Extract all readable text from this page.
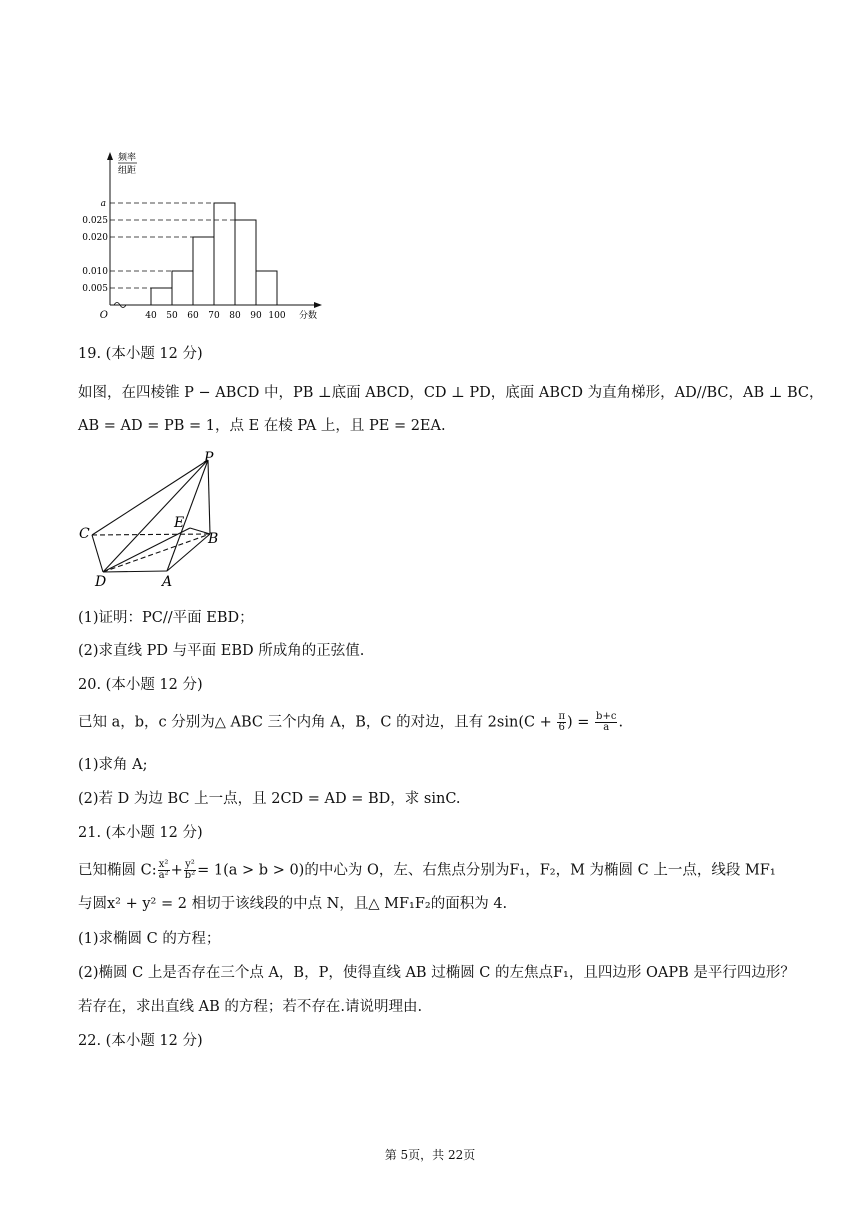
频率
组距
O
a
0.025
0.020
0.010
0.005
40 50 60 70 80 90 100 分数
19. (本小题 12 分)
如图，在四棱锥 P − ABCD 中，PB ⊥底面 ABCD，CD ⊥ PD，底面 ABCD 为直角梯形，AD//BC，AB ⊥ BC，
AB = AD = PB = 1，点 E 在棱 PA 上，且 PE = 2EA.
P
C
E
B
D	A
(1)证明：PC//平面 EBD；
(2)求直线 PD 与平面 EBD 所成角的正弦值.
20. (本小题 12 分)
已知 a，b，c 分别为△ ABC 三个内角 A，B，C 的对边，且有 $2\sin(C + \frac{\pi}{6}$ ) = $\frac{b+c}{a}$ .
(1)求角 A;
(2)若 D 为边 BC 上一点，且 2CD = AD = BD，求 sinC.
21. (本小题 12 分)
已知椭圆 C: $\frac{\text{x²}}{\text{a²}} + \frac{\text{y²}}{\text{b²}} = 1(a > b > 0)$的中心为 O，左、右焦点分别为F₁，F₂，M 为椭圆 C 上一点，线段 MF₁
与圆x² + y² = 2 相切于该线段的中点 N，且△ MF₁F₂的面积为 4.
(1)求椭圆 C 的方程；
(2)椭圆 C 上是否存在三个点 A，B，P，使得直线 AB 过椭圆 C 的左焦点F₁，且四边形 OAPB 是平行四边形？
若存在，求出直线 AB 的方程；若不存在.请说明理由.
22. (本小题 12 分)
第 5页，共 22页
